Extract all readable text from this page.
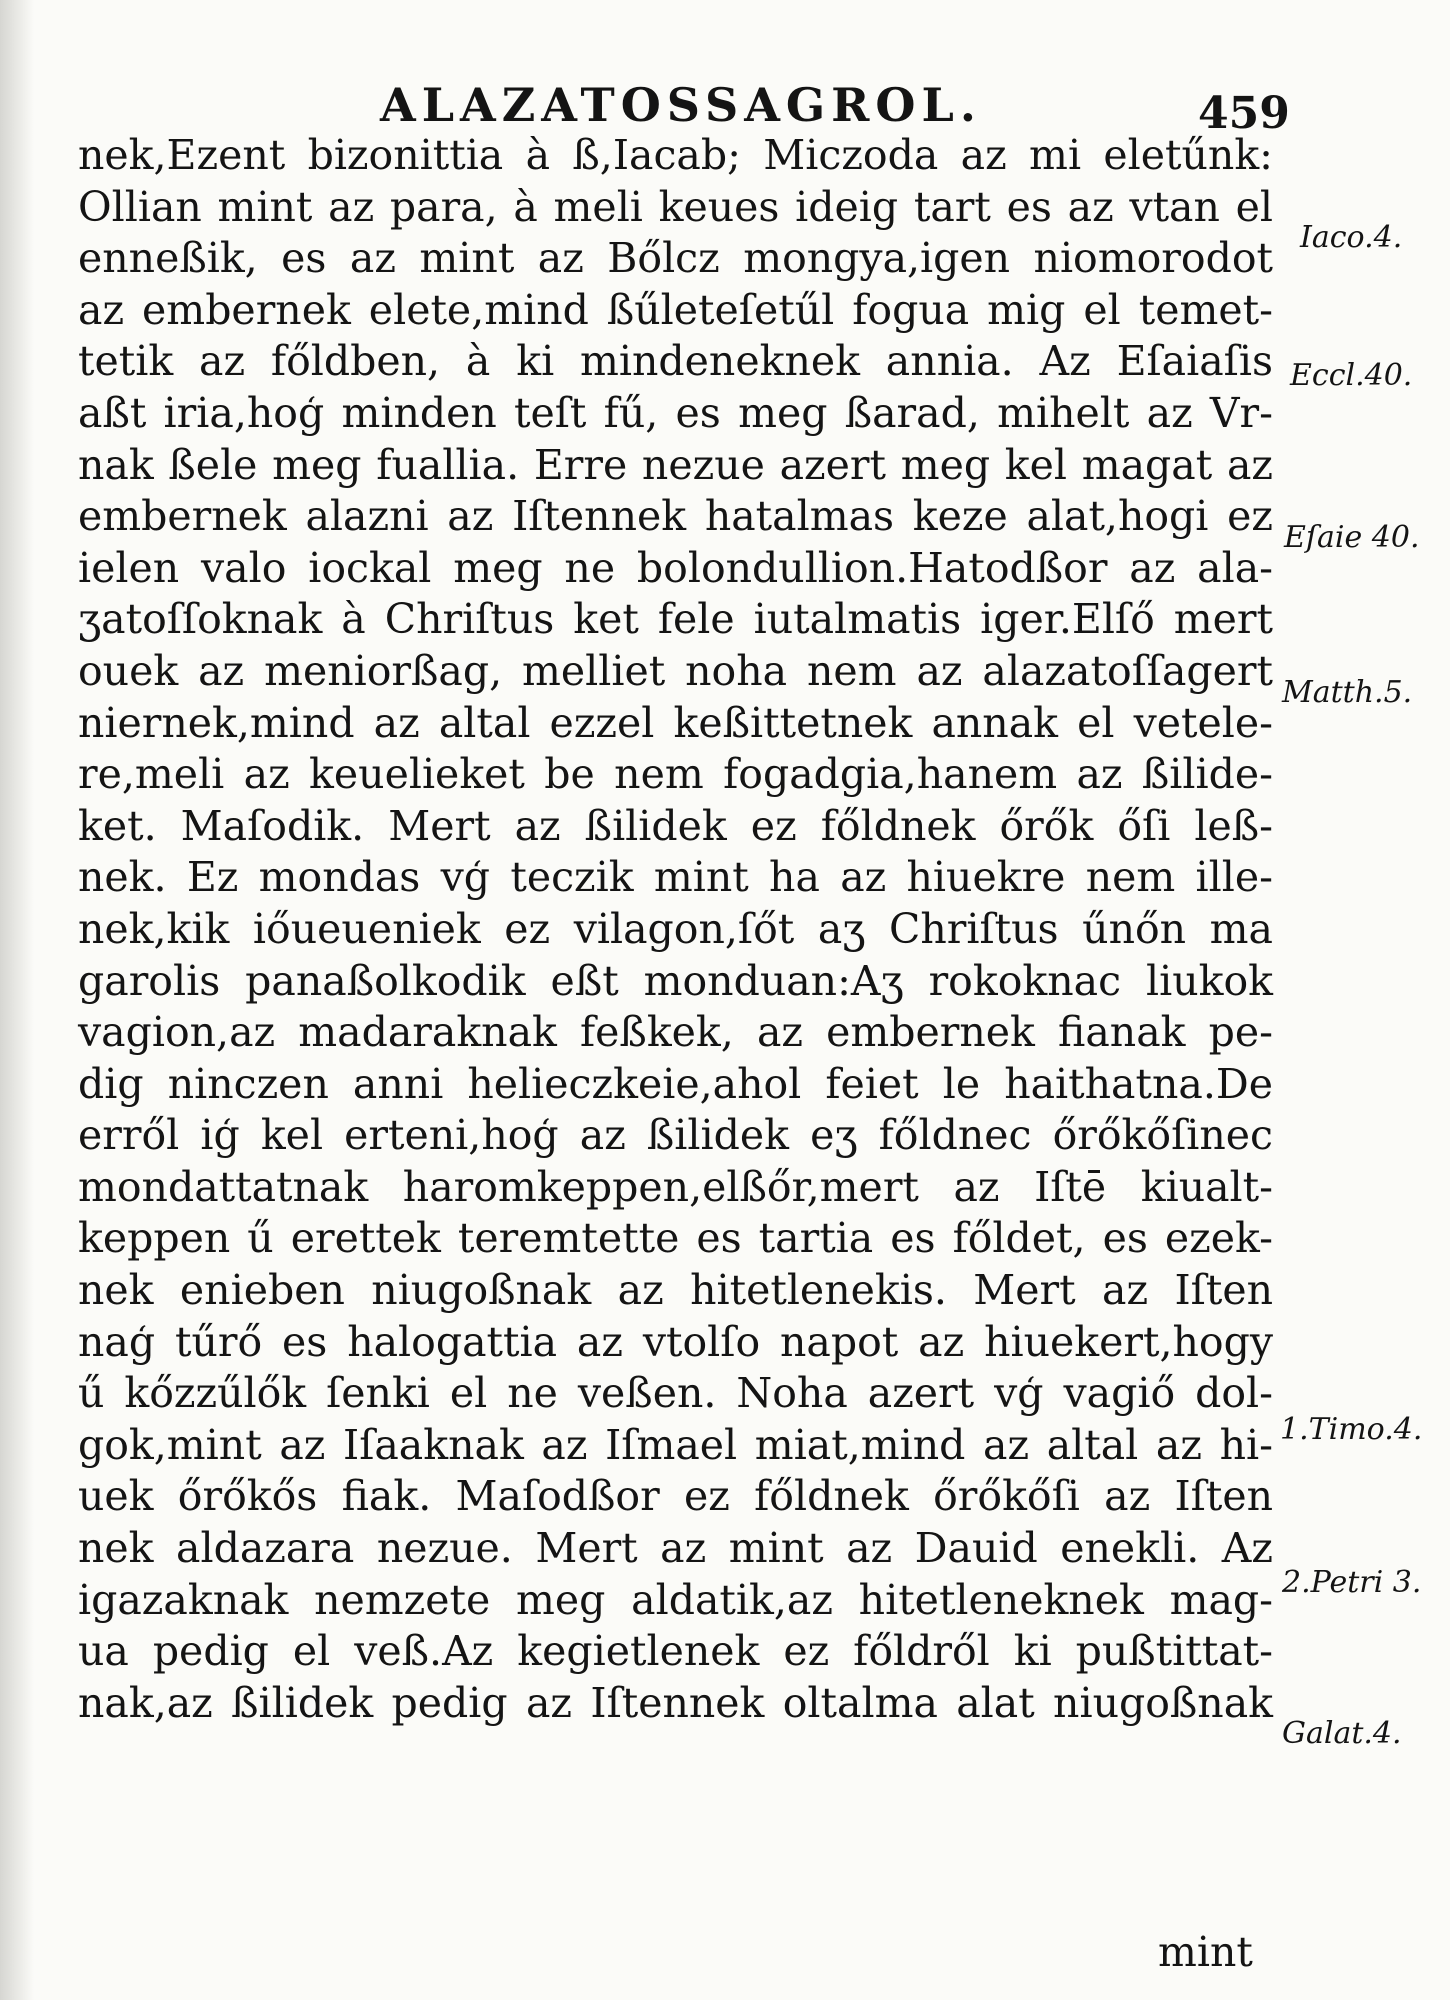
ALAZATOSSAGROL.	459
nek,Ezent bizonittia à ß,Iacab; Miczoda az mi eletűnk:
Ollian mint az para, à meli keues ideig tart es az vtan el
enneßik, es az mint az Bőlcz mongya,igen niomorodot
az embernek elete,mind ßűleteſetűl fogua mig el temet-
tetik az főldben, à ki mindeneknek annia. Az Eſaiaſis
aßt iria,hoģ minden teſt fű, es meg ßarad, mihelt az Vr-
nak ßele meg fuallia. Erre nezue azert meg kel magat az
embernek alazni az Iſtennek hatalmas keze alat,hogi ez
ielen valo iockal meg ne bolondullion.Hatodßor az ala-
ʒatoſſoknak à Chriſtus ket fele iutalmatis iger.Elſő mert
ouek az meniorßag, melliet noha nem az alazatoſſagert
niernek,mind az altal ezzel keßittetnek annak el vetele-
re,meli az keuelieket be nem fogadgia,hanem az ßilide-
ket. Maſodik. Mert az ßilidek ez főldnek őrők őſi leß-
nek. Ez mondas vģ teczik mint ha az hiuekre nem ille-
nek,kik iőueueniek ez vilagon,ſőt aʒ Chriſtus űnőn ma
garolis panaßolkodik eßt monduan:Aʒ rokoknac liukok
vagion,az madaraknak feßkek, az embernek fianak pe-
dig ninczen anni helieczkeie,ahol feiet le haithatna.De
erről iģ kel erteni,hoģ az ßilidek eʒ főldnec őrőkőſinec
mondattatnak haromkeppen,elßőr,mert az Iſtē kiualt-
keppen ű erettek teremtette es tartia es főldet, es ezek-
nek enieben niugoßnak az hitetlenekis. Mert az Iſten
naģ tűrő es halogattia az vtolſo napot az hiuekert,hogy
ű kőzzűlők ſenki el ne veßen. Noha azert vģ vagiő dol-
gok,mint az Iſaaknak az Iſmael miat,mind az altal az hi-
uek őrőkős fiak. Maſodßor ez főldnek őrőkőſi az Iſten
nek aldazara nezue. Mert az mint az Dauid enekli. Az
igazaknak nemzete meg aldatik,az hitetleneknek mag-
ua pedig el veß.Az kegietlenek ez főldről ki pußtittat-
nak,az ßilidek pedig az Iſtennek oltalma alat niugoßnak
mint
Iaco.4.
Eccl.40.
Eſaie 40.
Matth.5.
1.Timo.4.
2.Petri 3.
Galat.4.
